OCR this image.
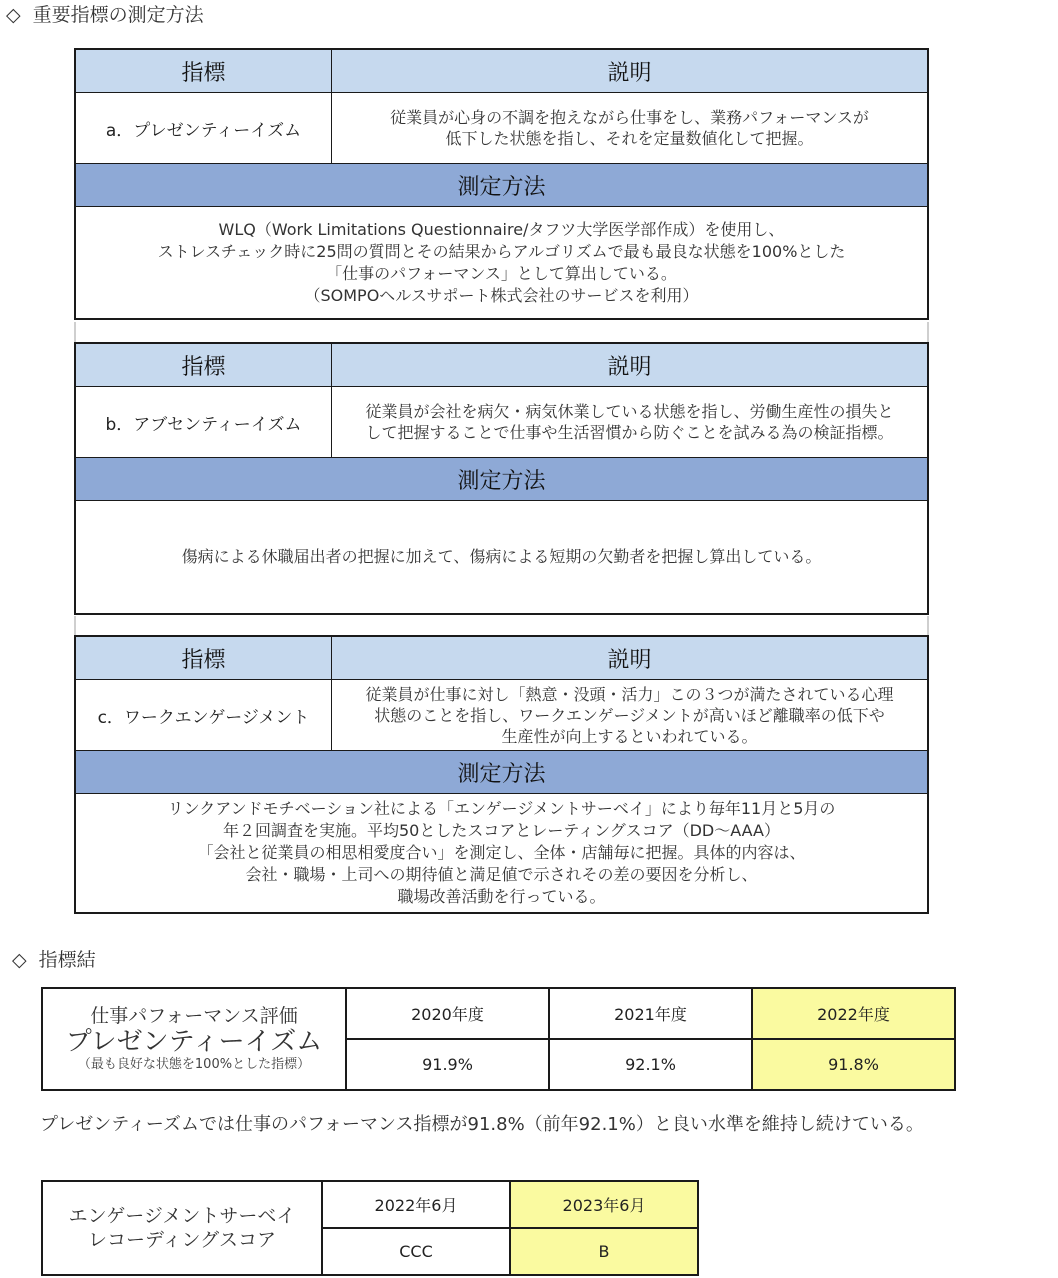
◇ 重要指標の測定方法
指標	説明
a．プレゼンティーイズム
従業員が心身の不調を抱えながら仕事をし、業務パフォーマンスが
低下した状態を指し、それを定量数値化して把握。
測定方法
WLQ（Work Limitations Questionnaire/タフツ大学医学部作成）を使用し、
ストレスチェック時に25問の質問とその結果からアルゴリズムで最も最良な状態を100%とした
「仕事のパフォーマンス」として算出している。
（SOMPOヘルスサポート株式会社のサービスを利用）
指標	説明
b．アブセンティーイズム
従業員が会社を病欠・病気休業している状態を指し、労働生産性の損失と
して把握することで仕事や生活習慣から防ぐことを試みる為の検証指標。
測定方法
傷病による休職届出者の把握に加えて、傷病による短期の欠勤者を把握し算出している。
指標	説明
c．ワークエンゲージメント
従業員が仕事に対し「熱意・没頭・活力」この３つが満たされている心理
状態のことを指し、ワークエンゲージメントが高いほど離職率の低下や
生産性が向上するといわれている。
測定方法
リンクアンドモチベーション社による「エンゲージメントサーベイ」により毎年11月と5月の
年２回調査を実施。平均50としたスコアとレーティングスコア（DD〜AAA）
「会社と従業員の相思相愛度合い」を測定し、全体・店舗毎に把握。具体的内容は、
会社・職場・上司への期待値と満足値で示されその差の要因を分析し、
職場改善活動を行っている。
◇ 指標結
仕事パフォーマンス評価
プレゼンティーイズム
（最も良好な状態を100%とした指標）	2020年度	2021年度	2022年度
	91.9%	92.1%	91.8%
プレゼンティーズムでは仕事のパフォーマンス指標が91.8%（前年92.1%）と良い水準を維持し続けている。
エンゲージメントサーベイ
レコーディングスコア	2022年6月	2023年6月
	CCC	B
